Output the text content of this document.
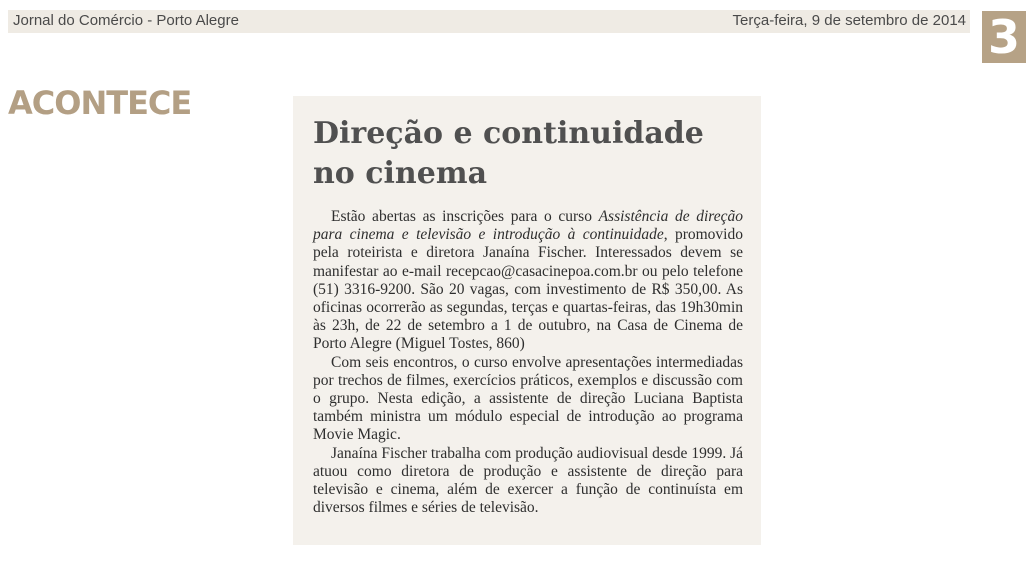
Jornal do Comércio - Porto Alegre	Terça-feira, 9 de setembro de 2014 3
ACONTECE
Direção e continuidade
no cinema

Estão abertas as inscrições para o curso Assistência de direção para cinema e televisão e introdução à continuidade, promovido pela roteirista e diretora Janaína Fischer. Interessados devem se manifestar ao e-mail recepcao@casacinepoa.com.br ou pelo telefone (51) 3316-9200. São 20 vagas, com investimento de R$ 350,00. As oficinas ocorrerão as segundas, terças e quartas-feiras, das 19h30min às 23h, de 22 de setembro a 1 de outubro, na Casa de Cinema de Porto Alegre (Miguel Tostes, 860)

Com seis encontros, o curso envolve apresentações intermediadas por trechos de filmes, exercícios práticos, exemplos e discussão com o grupo. Nesta edição, a assistente de direção Luciana Baptista também ministra um módulo especial de introdução ao programa Movie Magic.

Janaína Fischer trabalha com produção audiovisual desde 1999. Já atuou como diretora de produção e assistente de direção para televisão e cinema, além de exercer a função de continuísta em diversos filmes e séries de televisão.
